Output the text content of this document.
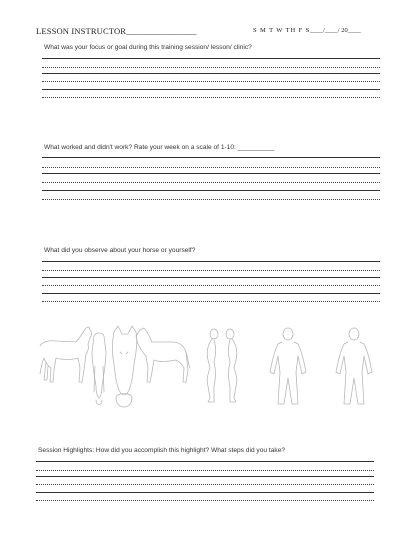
LESSON INSTRUCTOR________________	S M T W TH F S ____/____/ 20____
What was your focus or goal during this training session/ lesson/ clinic?
What worked and didn't work? Rate your week on a scale of 1-10: __________
What did you observe about your horse or yourself?
Session Highlights: How did you accomplish this highlight? What steps did you take?
